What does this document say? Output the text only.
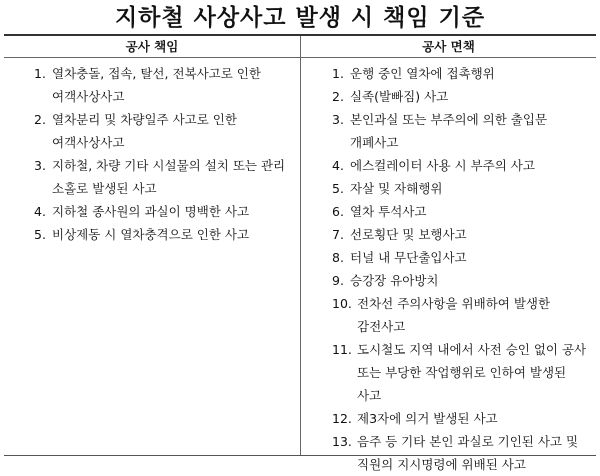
지하철 사상사고 발생 시 책임 기준
공사 책임	공사 면책
1. 열차충돌, 접속, 탈선, 전복사고로 인한 여객사상사고
2. 열차분리 및 차량일주 사고로 인한 여객사상사고
3. 지하철, 차량 기타 시설물의 설치 또는 관리 소홀로 발생된 사고
4. 지하철 종사원의 과실이 명백한 사고
5. 비상제동 시 열차충격으로 인한 사고
1. 운행 중인 열차에 접촉행위
2. 실족(발빠짐) 사고
3. 본인과실 또는 부주의에 의한 출입문 개폐사고
4. 에스컬레이터 사용 시 부주의 사고
5. 자살 및 자해행위
6. 열차 투석사고
7. 선로횡단 및 보행사고
8. 터널 내 무단출입사고
9. 승강장 유아방치
10. 전차선 주의사항을 위배하여 발생한 감전사고
11. 도시철도 지역 내에서 사전 승인 없이 공사 또는 부당한 작업행위로 인하여 발생된 사고
12. 제3자에 의거 발생된 사고
13. 음주 등 기타 본인 과실로 기인된 사고 및 직원의 지시명령에 위배된 사고
